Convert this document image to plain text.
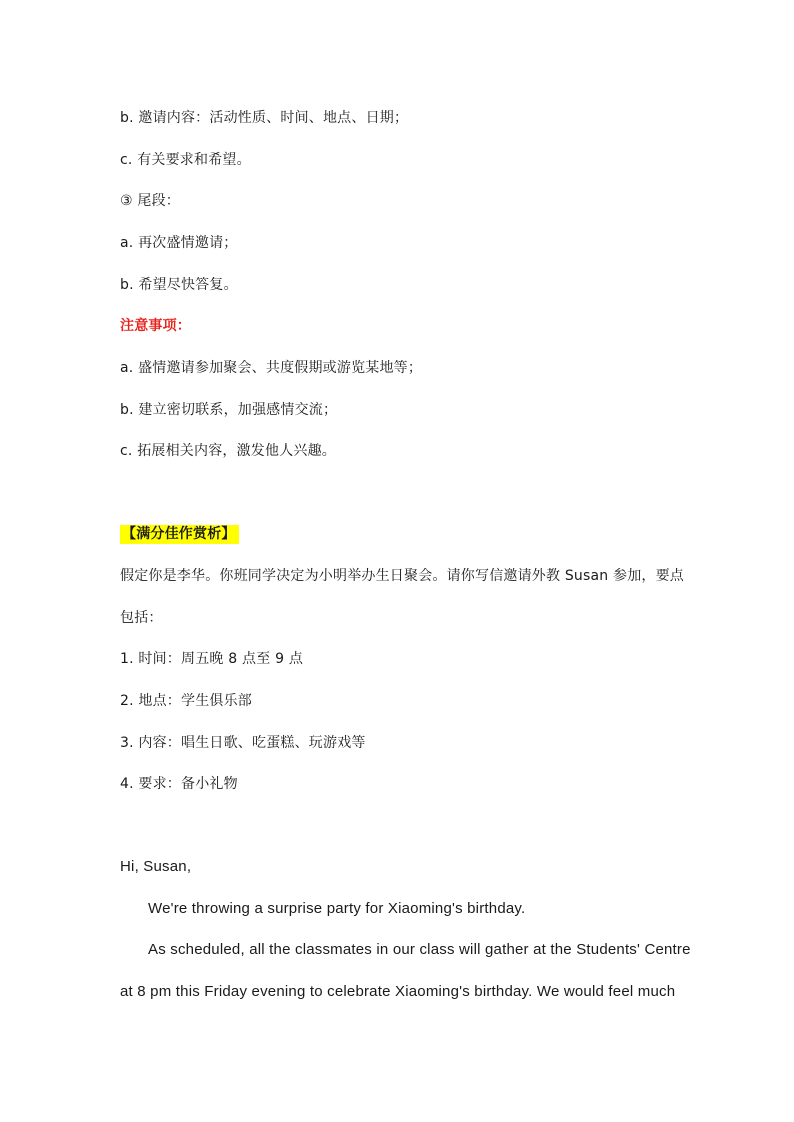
b. 邀请内容：活动性质、时间、地点、日期；
c. 有关要求和希望。
③ 尾段：
a. 再次盛情邀请；
b. 希望尽快答复。
注意事项：
a. 盛情邀请参加聚会、共度假期或游览某地等；
b. 建立密切联系，加强感情交流；
c. 拓展相关内容，激发他人兴趣。
【满分佳作赏析】
假定你是李华。你班同学决定为小明举办生日聚会。请你写信邀请外教 Susan 参加，要点
包括：
1. 时间：周五晚 8 点至 9 点
2. 地点：学生俱乐部
3. 内容：唱生日歌、吃蛋糕、玩游戏等
4. 要求：备小礼物
Hi, Susan,
We're throwing a surprise party for Xiaoming's birthday.
As scheduled, all the classmates in our class will gather at the Students' Centre
at 8 pm this Friday evening to celebrate Xiaoming's birthday. We would feel much
